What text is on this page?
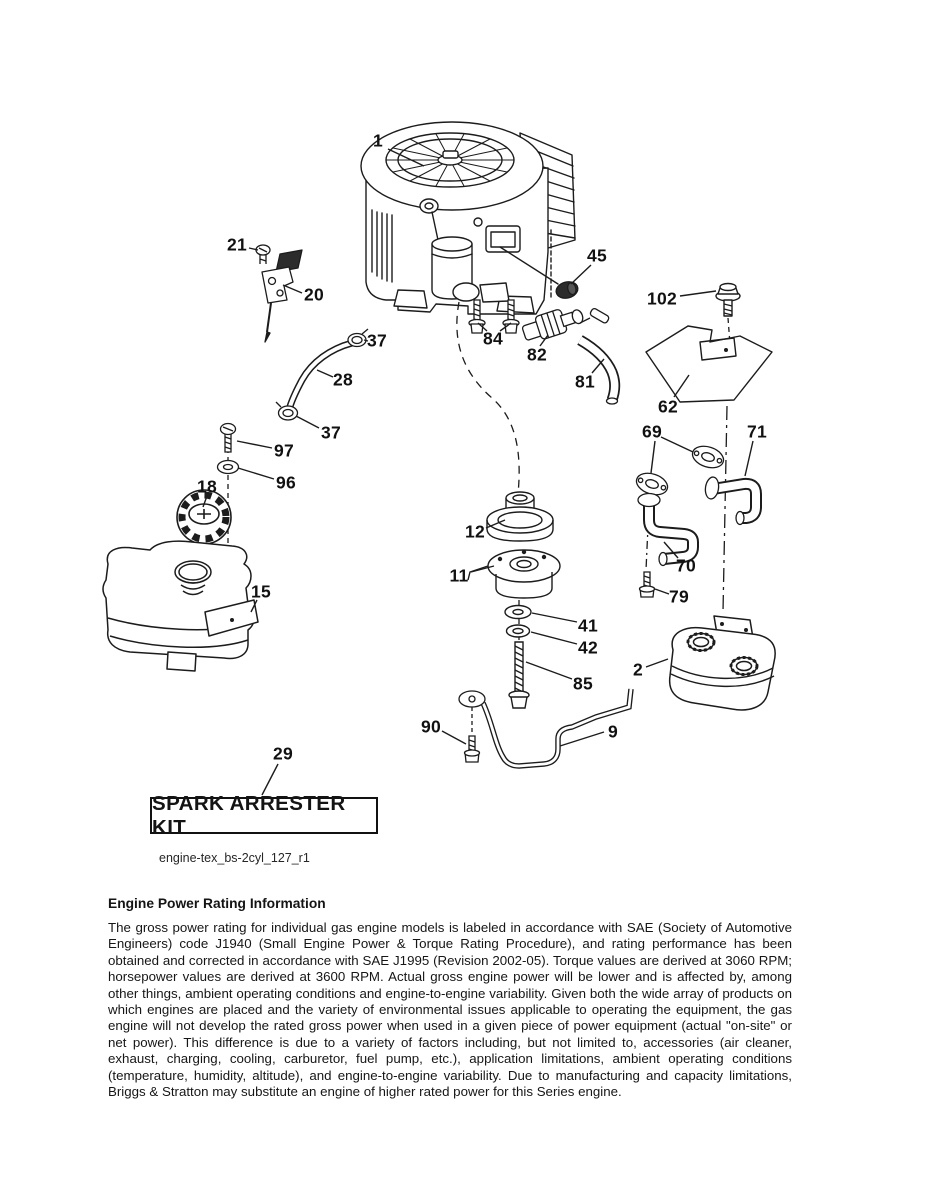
1
21
20
45
102
84
82
81
62
37
28
37
97
96
18
69	71
12
11	70
79
15
41
42
2
85
90	9
29
SPARK ARRESTER KIT
engine-tex_bs-2cyl_127_r1
Engine Power Rating Information
The gross power rating for individual gas engine models is labeled in accordance with SAE (Society of Automotive Engineers) code J1940 (Small Engine Power & Torque Rating Procedure), and rating performance has been obtained and corrected in accordance with SAE J1995 (Revision 2002-05). Torque values are derived at 3060 RPM; horsepower values are derived at 3600 RPM. Actual gross engine power will be lower and is affected by, among other things, ambient operating conditions and engine-to-engine variability. Given both the wide array of products on which engines are placed and the variety of environmental issues applicable to operating the equipment, the gas engine will not develop the rated gross power when used in a given piece of power equipment (actual "on-site" or net power). This difference is due to a variety of factors including, but not limited to, accessories (air cleaner, exhaust, charging, cooling, carburetor, fuel pump, etc.), application limitations, ambient operating conditions (temperature, humidity, altitude), and engine-to-engine variability. Due to manufacturing and capacity limitations, Briggs & Stratton may substitute an engine of higher rated power for this Series engine.
